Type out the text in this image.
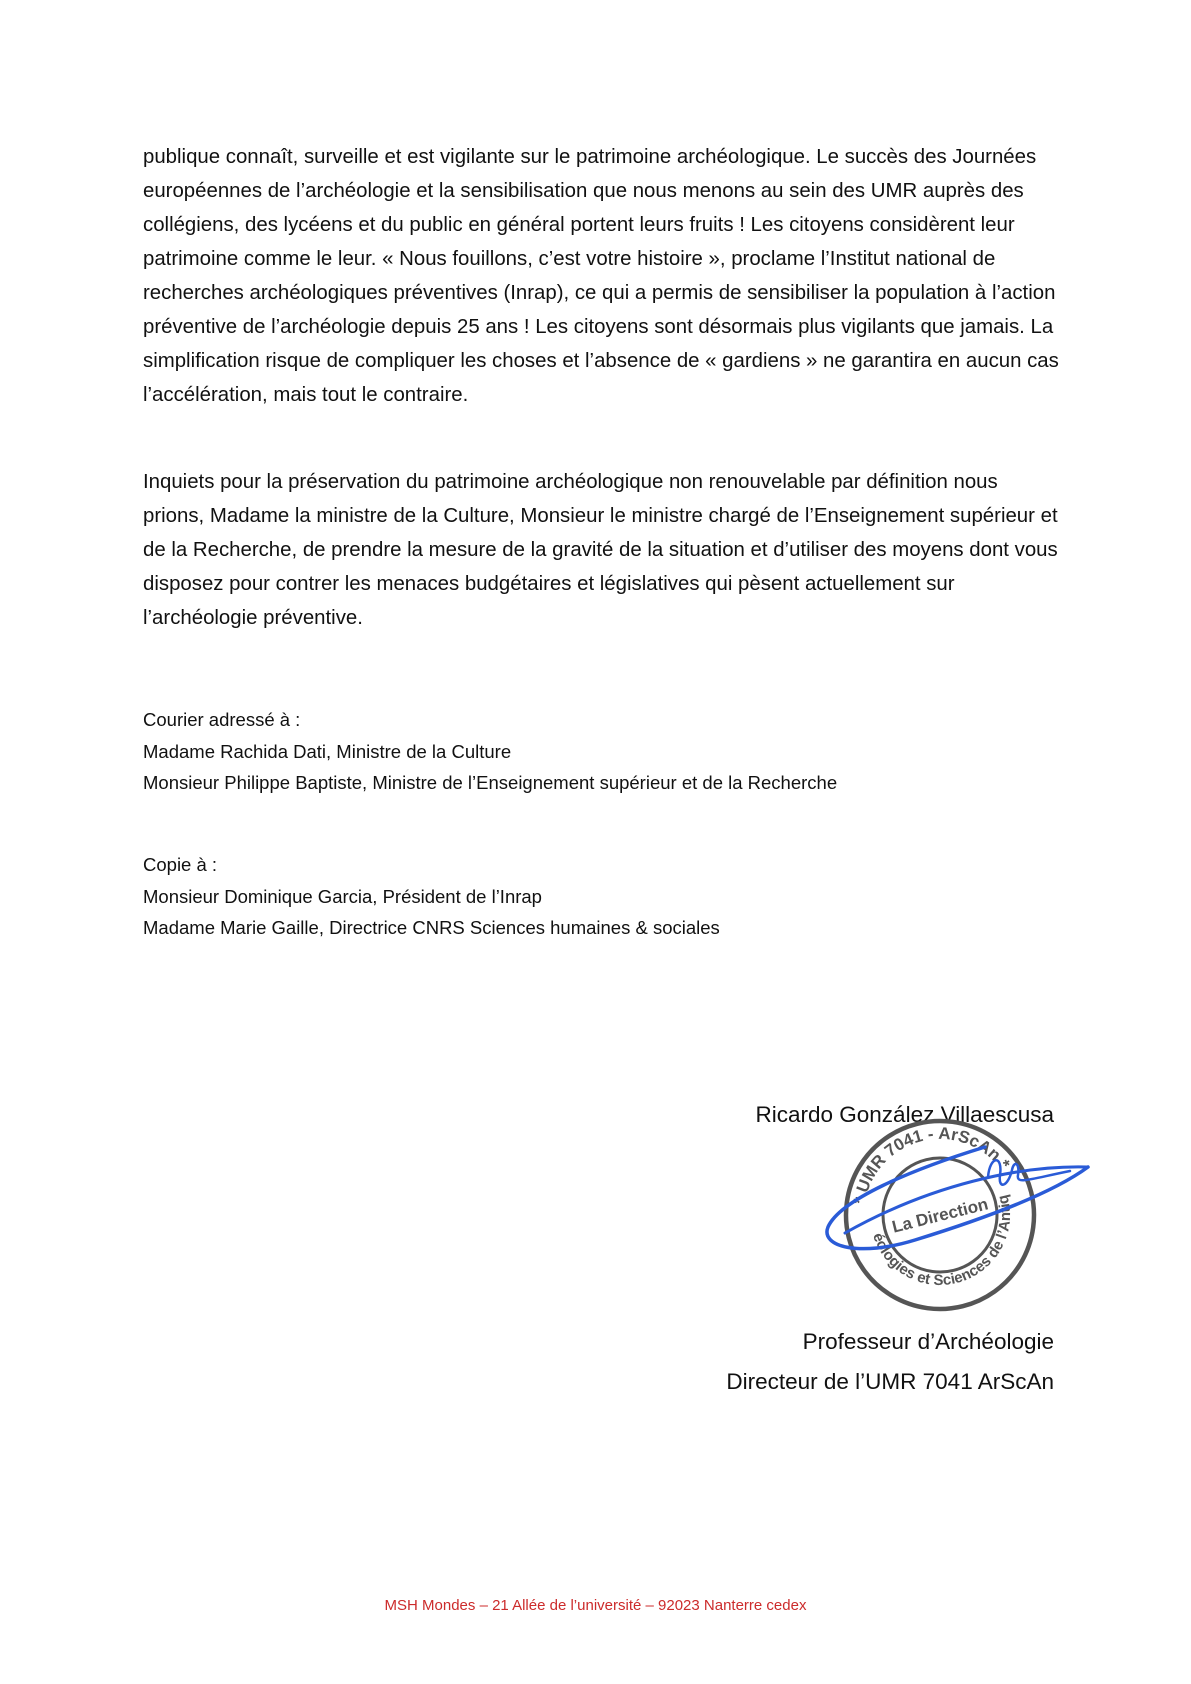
publique connaît, surveille et est vigilante sur le patrimoine archéologique. Le succès des Journées européennes de l’archéologie et la sensibilisation que nous menons au sein des UMR auprès des collégiens, des lycéens et du public en général portent leurs fruits ! Les citoyens considèrent leur patrimoine comme le leur. « Nous fouillons, c’est votre histoire », proclame l’Institut national de recherches archéologiques préventives (Inrap), ce qui a permis de sensibiliser la population à l’action préventive de l’archéologie depuis 25 ans ! Les citoyens sont désormais plus vigilants que jamais. La simplification risque de compliquer les choses et l’absence de « gardiens » ne garantira en aucun cas l’accélération, mais tout le contraire.

Inquiets pour la préservation du patrimoine archéologique non renouvelable par définition nous prions, Madame la ministre de la Culture, Monsieur le ministre chargé de l’Enseignement supérieur et de la Recherche, de prendre la mesure de la gravité de la situation et d’utiliser des moyens dont vous disposez pour contrer les menaces budgétaires et législatives qui pèsent actuellement sur l’archéologie préventive.

Courier adressé à :
Madame Rachida Dati, Ministre de la Culture
Monsieur Philippe Baptiste, Ministre de l’Enseignement supérieur et de la Recherche
Copie à :
Monsieur Dominique Garcia, Président de l’Inrap
Madame Marie Gaille, Directrice CNRS Sciences humaines & sociales
Ricardo González Villaescusa
* UMR 7041 - ArScAn *
Archéologies et Sciences de l’Antiquité
La Direction
Professeur d’Archéologie
Directeur de l’UMR 7041 ArScAn
MSH Mondes – 21 Allée de l’université – 92023 Nanterre cedex
